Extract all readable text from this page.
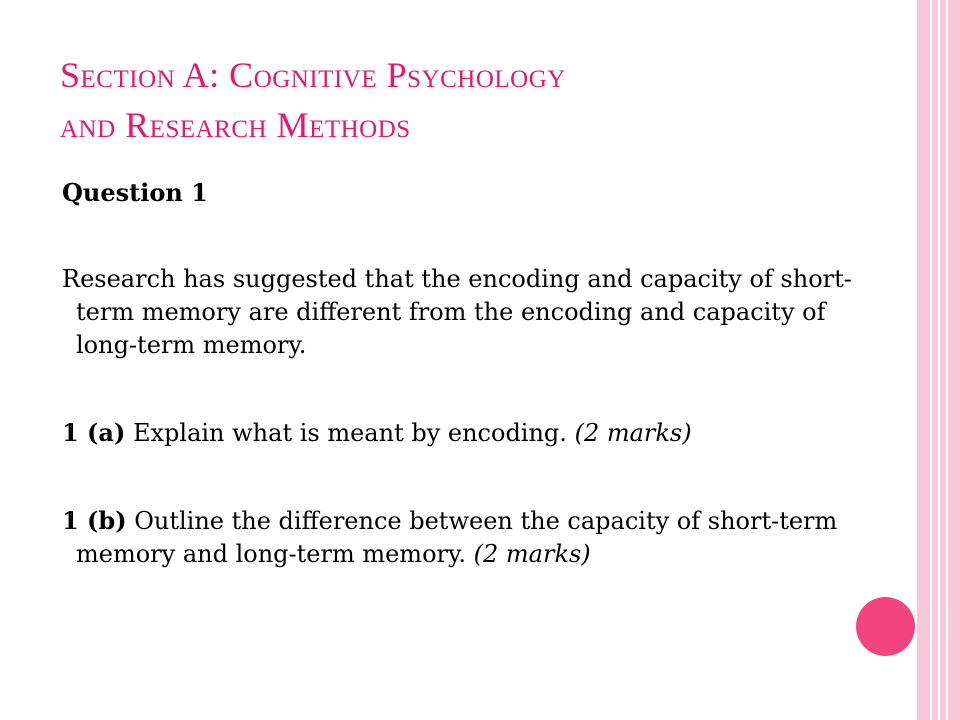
Section A: Cognitive Psychology
and Research Methods

Question 1

Research has suggested that the encoding and capacity of short-term memory are different from the encoding and capacity of long-term memory.

1 (a) Explain what is meant by encoding. (2 marks)

1 (b) Outline the difference between the capacity of short-term memory and long-term memory. (2 marks)
